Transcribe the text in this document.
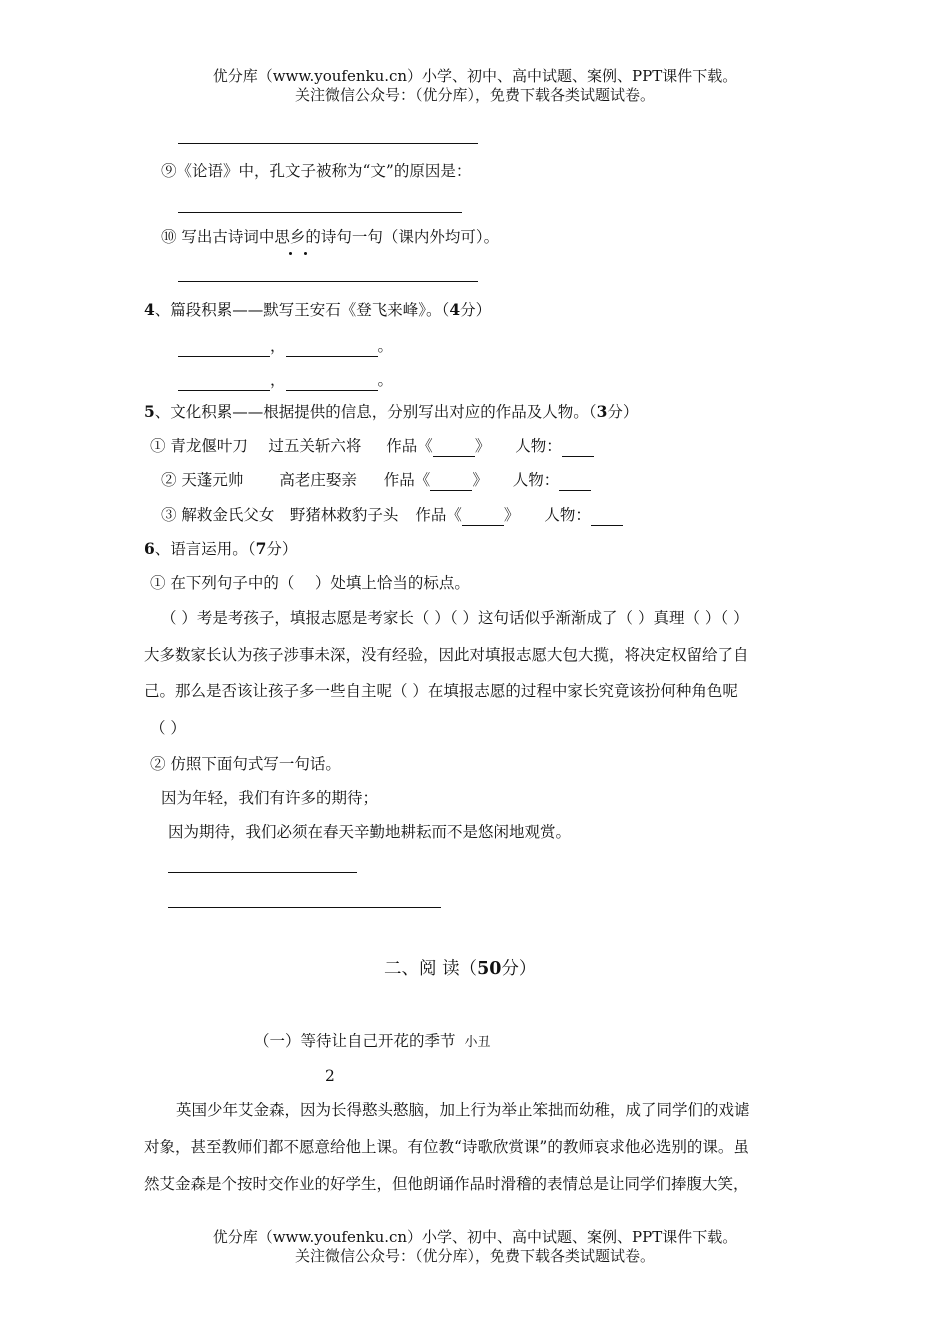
优分库（www.youfenku.cn）小学、初中、高中试题、案例、PPT课件下载。
关注微信公众号：（优分库），免费下载各类试题试卷。
⑨《论语》中，孔文子被称为“文”的原因是：
⑩ 写出古诗词中思乡的诗句一句（课内外均可）。
4、篇段积累——默写王安石《登飞来峰》。（4分）
，	。
，	。
5、文化积累——根据提供的信息，分别写出对应的作品及人物。（3分）
① 青龙偃叶刀　 过五关斩六将 作品《	》 人物：
② 天蓬元帅　　 高老庄娶亲 作品《	》 人物：
③ 解救金氏父女　野猪林救豹子头 作品《	》 人物：
6、语言运用。（7分）
① 在下列句子中的（　 ）处填上恰当的标点。
（ ）考是考孩子，填报志愿是考家长（ ）（ ）这句话似乎渐渐成了（ ）真理（ ）（ ）
大多数家长认为孩子涉事未深，没有经验，因此对填报志愿大包大揽，将决定权留给了自
己。那么是否该让孩子多一些自主呢（ ）在填报志愿的过程中家长究竟该扮何种角色呢
（ ）
② 仿照下面句式写一句话。
因为年轻，我们有许多的期待；
因为期待，我们必须在春天辛勤地耕耘而不是悠闲地观赏。
二、阅 读（50分）
（一）等待让自己开花的季节 小丑
2
英国少年艾金森，因为长得憨头憨脑，加上行为举止笨拙而幼稚，成了同学们的戏谑
对象，甚至教师们都不愿意给他上课。有位教“诗歌欣赏课”的教师哀求他必选别的课。虽
然艾金森是个按时交作业的好学生，但他朗诵作品时滑稽的表情总是让同学们捧腹大笑，
优分库（www.youfenku.cn）小学、初中、高中试题、案例、PPT课件下载。
关注微信公众号：（优分库），免费下载各类试题试卷。
